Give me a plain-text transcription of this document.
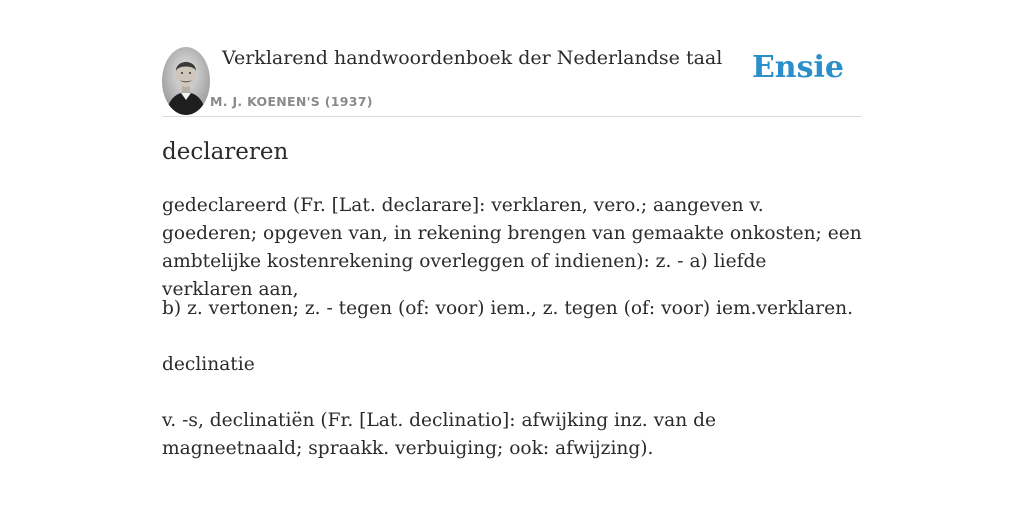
Verklarend handwoordenboek der Nederlandse taal
M. J. KOENEN'S (1937)
Ensie
declareren

gedeclareerd (Fr. [Lat. declarare]: verklaren, vero.; aangeven v. goederen; opgeven van, in rekening brengen van gemaakte onkosten; een ambtelijke kostenrekening overleggen of indienen): z. - a) liefde verklaren aan,

b) z. vertonen; z. - tegen (of: voor) iem., z. tegen (of: voor) iem.verklaren.

declinatie

v. -s, declinatiën (Fr. [Lat. declinatio]: afwijking inz. van de magneetnaald; spraakk. verbuiging; ook: afwijzing).
